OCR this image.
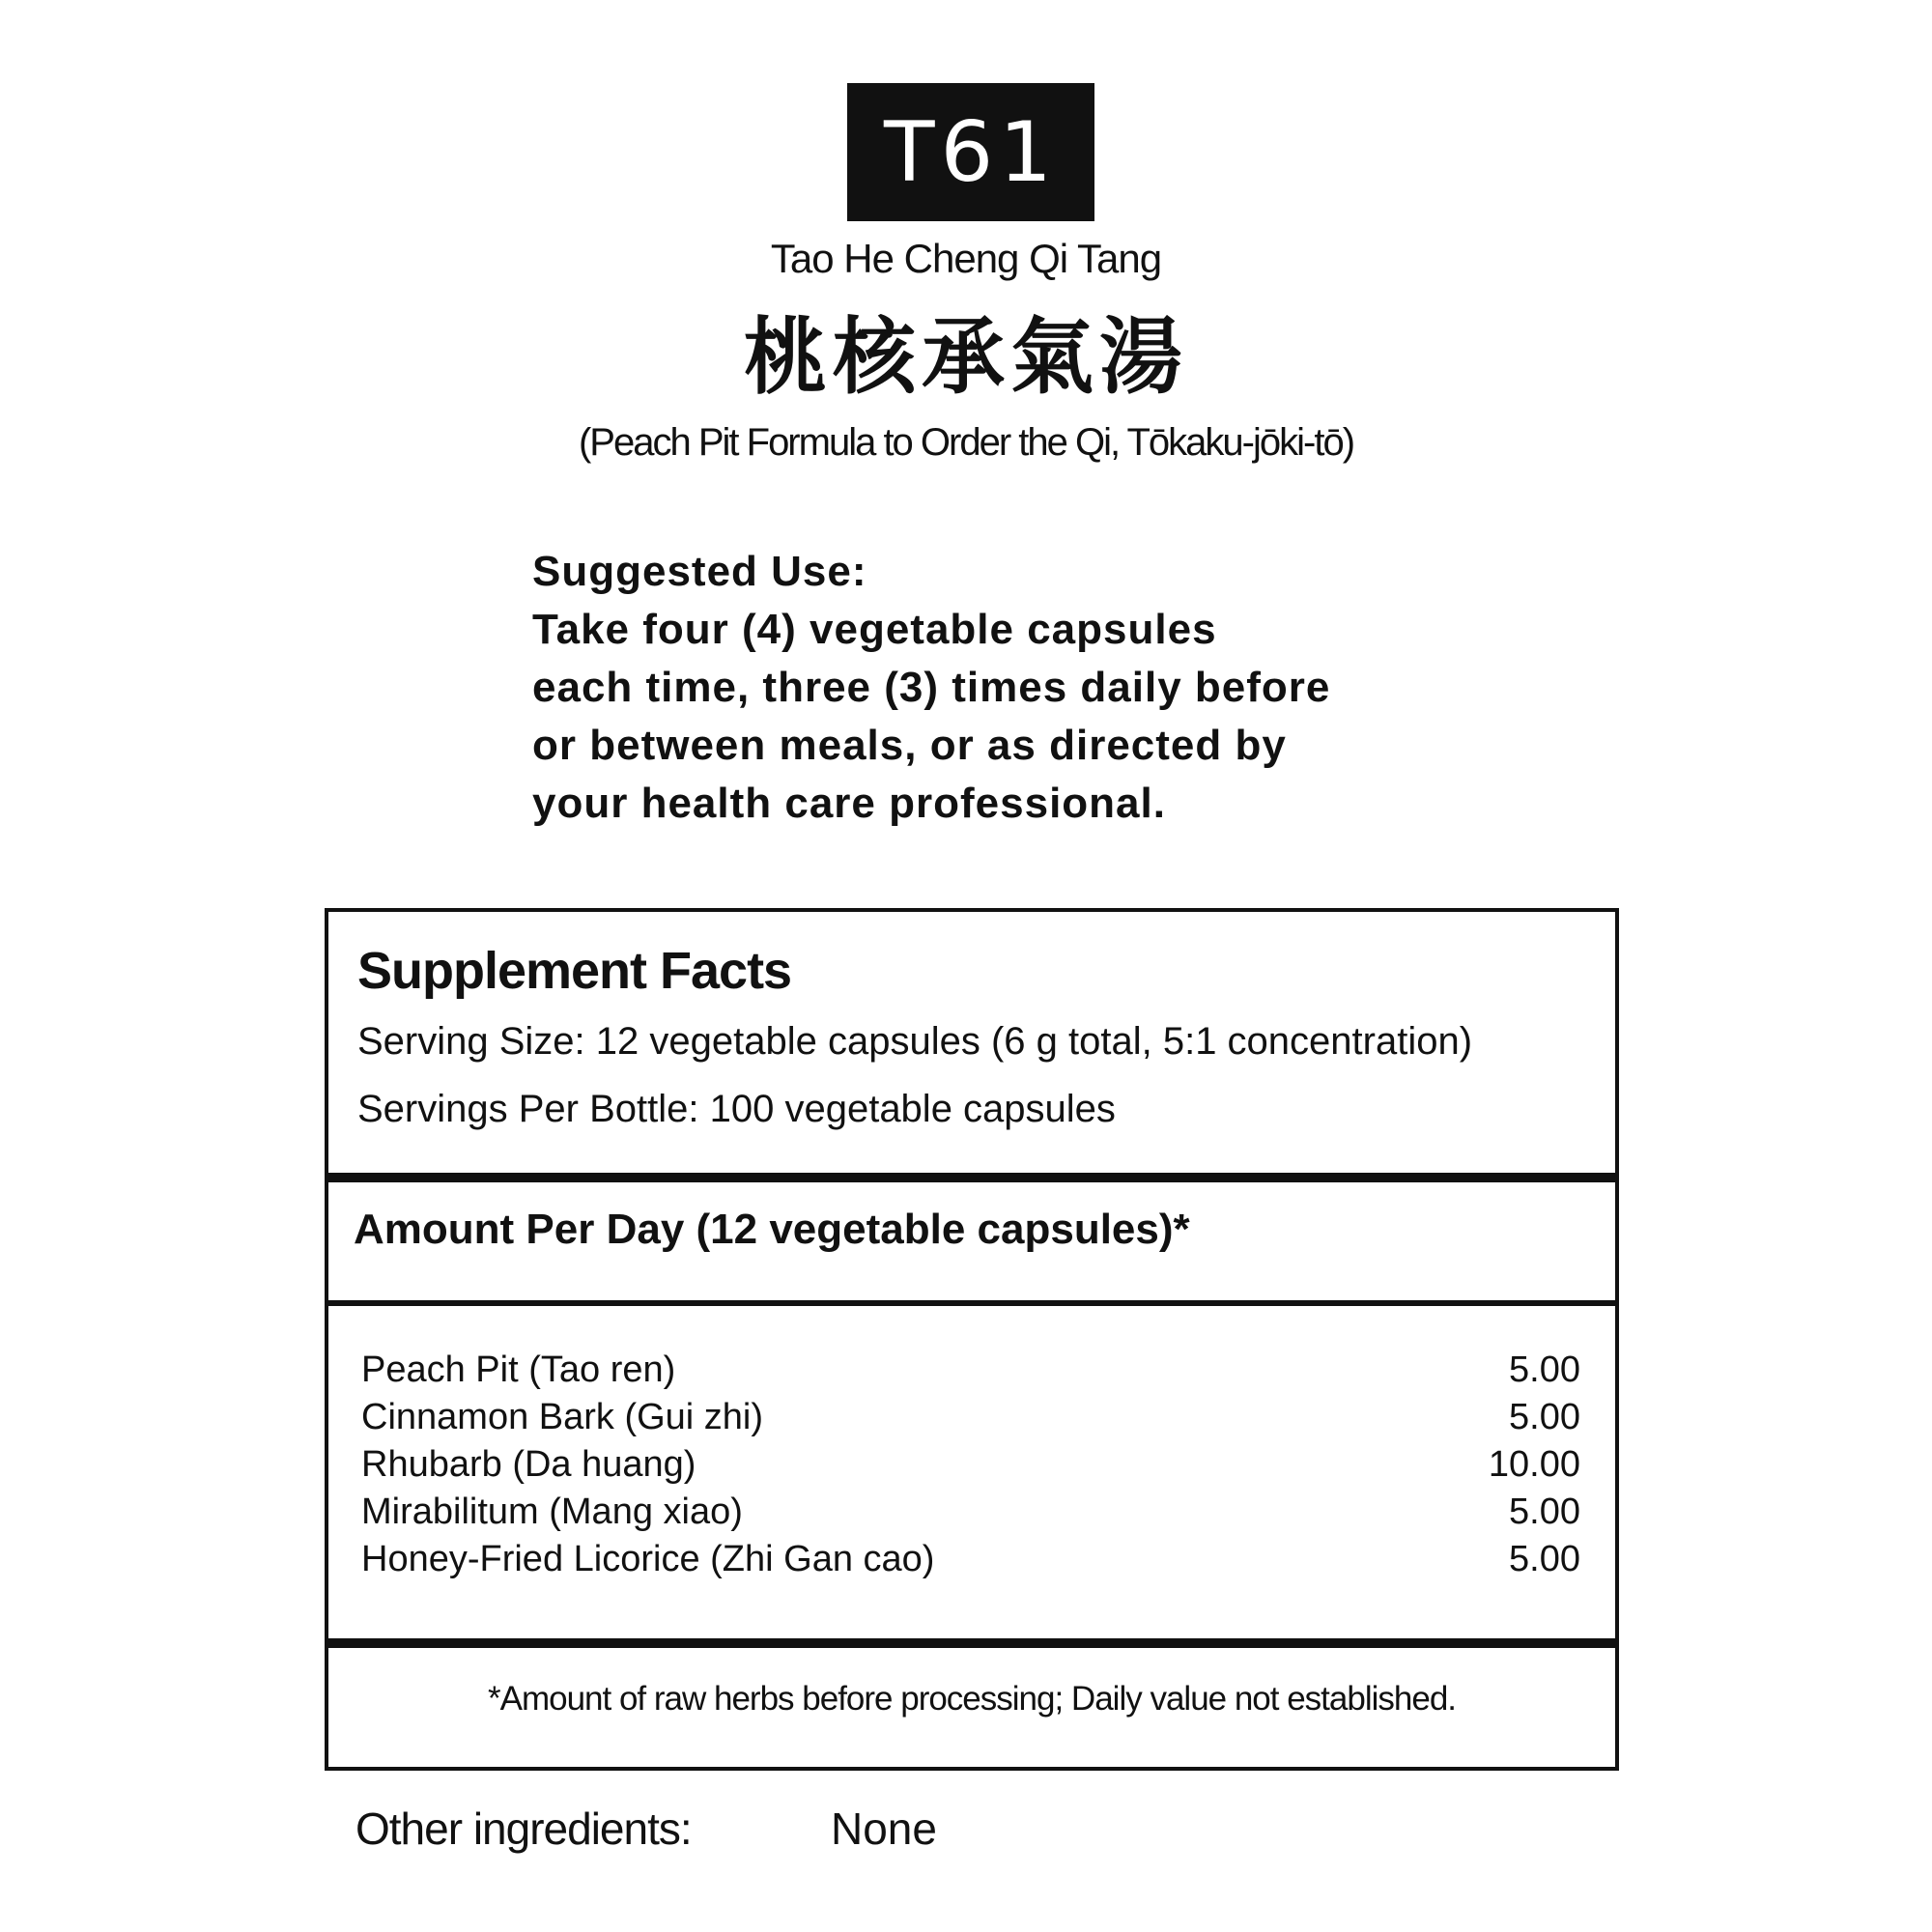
T61
Tao He Cheng Qi Tang
桃核承氣湯
(Peach Pit Formula to Order the Qi, Tōkaku-jōki-tō)
Suggested Use:
Take four (4) vegetable capsules
each time, three (3) times daily before
or between meals, or as directed by
your health care professional.
Supplement Facts
Serving Size: 12 vegetable capsules (6 g total, 5:1 concentration)
Servings Per Bottle: 100 vegetable capsules
Amount Per Day (12 vegetable capsules)*
Peach Pit (Tao ren)	5.00
Cinnamon Bark (Gui zhi)	5.00
Rhubarb (Da huang)	10.00
Mirabilitum (Mang xiao)	5.00
Honey-Fried Licorice (Zhi Gan cao)	5.00
*Amount of raw herbs before processing; Daily value not established.
Other ingredients:	None
